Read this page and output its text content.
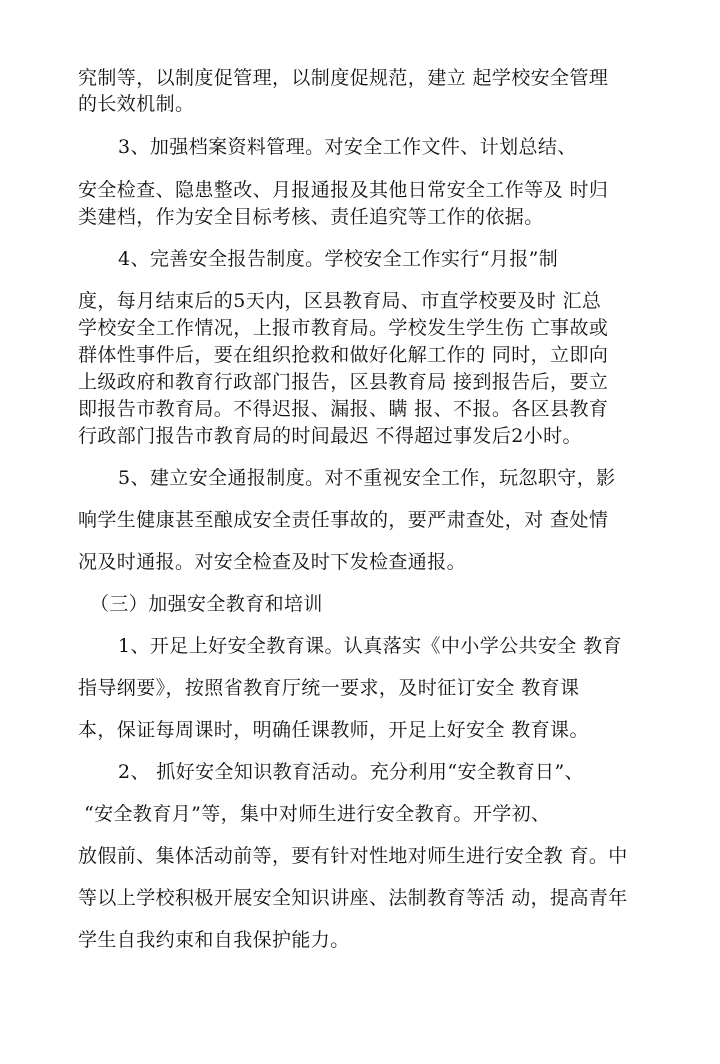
究制等，以制度促管理，以制度促规范，建立 起学校安全管理
的长效机制。
3、加强档案资料管理。对安全工作文件、计划总结、
安全检查、隐患整改、月报通报及其他日常安全工作等及 时归
类建档，作为安全目标考核、责任追究等工作的依据。
4、完善安全报告制度。学校安全工作实行“月报”制
度，每月结束后的5天内，区县教育局、市直学校要及时 汇总
学校安全工作情况，上报市教育局。学校发生学生伤 亡事故或
群体性事件后，要在组织抢救和做好化解工作的 同时，立即向
上级政府和教育行政部门报告，区县教育局 接到报告后，要立
即报告市教育局。不得迟报、漏报、瞒 报、不报。各区县教育
行政部门报告市教育局的时间最迟 不得超过事发后2小时。
5、建立安全通报制度。对不重视安全工作，玩忽职守，影
响学生健康甚至酿成安全责任事故的，要严肃查处，对 查处情
况及时通报。对安全检查及时下发检查通报。
（三）加强安全教育和培训
1、开足上好安全教育课。认真落实《中小学公共安全 教育
指导纲要》，按照省教育厅统一要求，及时征订安全 教育课
本，保证每周课时，明确任课教师，开足上好安全 教育课。
2、 抓好安全知识教育活动。充分利用“安全教育日”、
“安全教育月”等，集中对师生进行安全教育。开学初、
放假前、集体活动前等，要有针对性地对师生进行安全教 育。中
等以上学校积极开展安全知识讲座、法制教育等活 动，提高青年
学生自我约束和自我保护能力。
